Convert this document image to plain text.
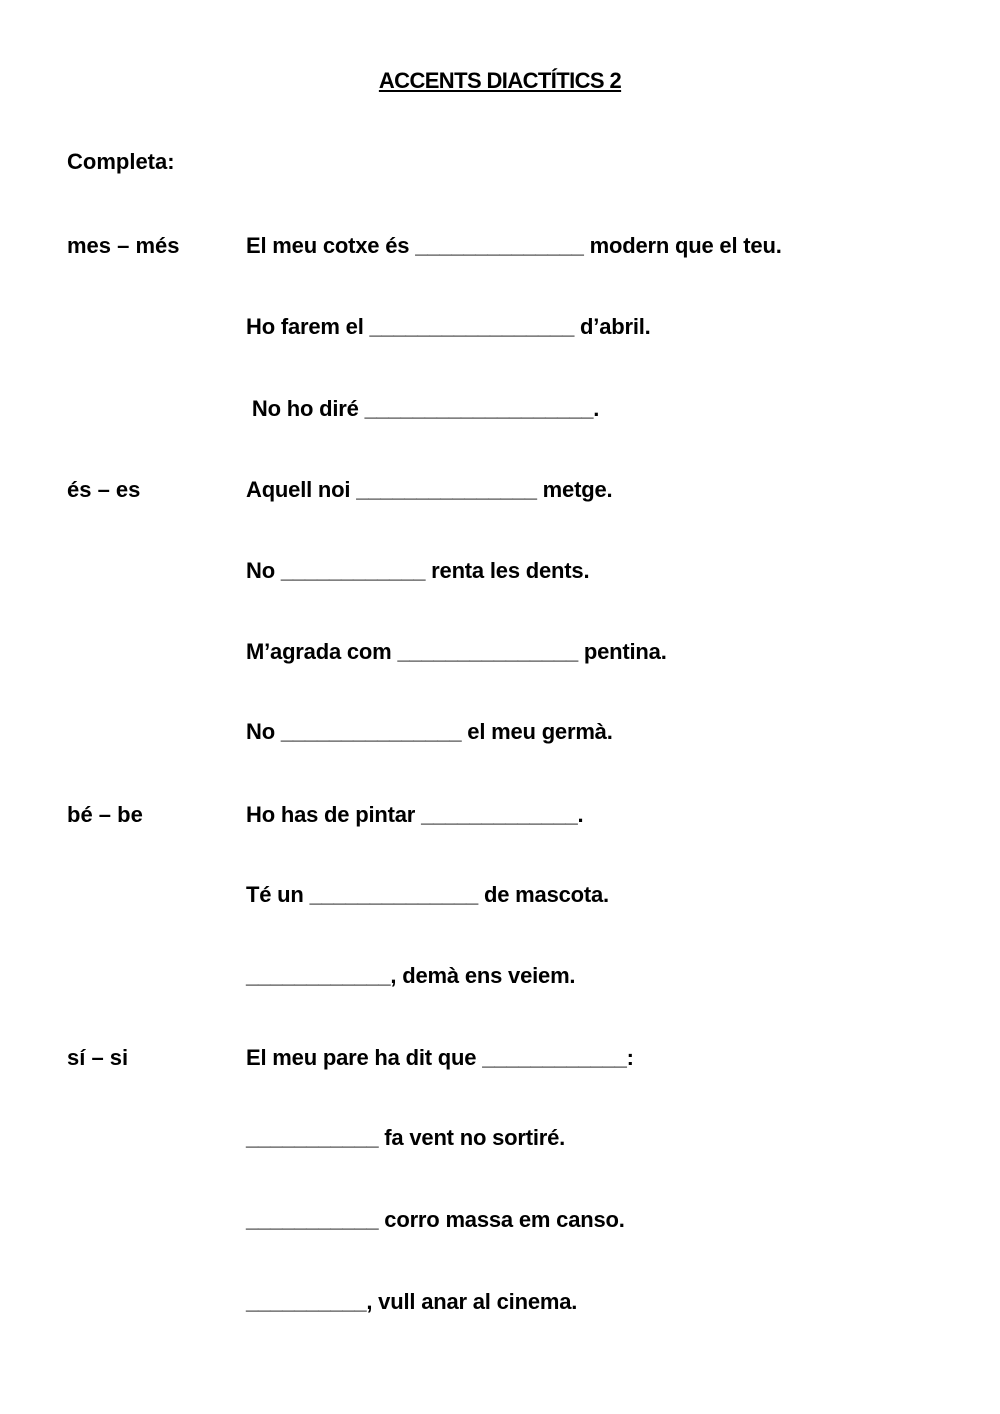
ACCENTS DIACTÍTICS 2
Completa:
mes – més	El meu cotxe és ______________ modern que el teu.
Ho farem el _________________ d’abril.
No ho diré ___________________.
és – es	Aquell noi _______________ metge.
No ____________ renta les dents.
M’agrada com _______________ pentina.
No _______________ el meu germà.
bé – be	Ho has de pintar _____________.
Té un ______________ de mascota.
____________, demà ens veiem.
sí – si	El meu pare ha dit que ____________:
___________ fa vent no sortiré.
___________ corro massa em canso.
__________, vull anar al cinema.
